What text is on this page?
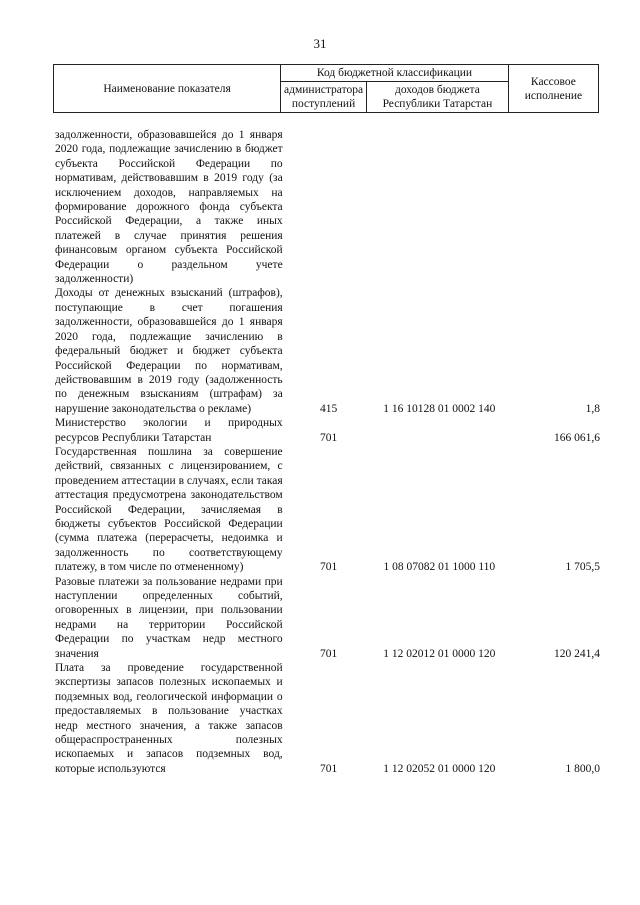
31
Наименование показателя	Код бюджетной классификации		Кассовое исполнение
	администратора поступлений	доходов бюджета Республики Татарстан	
задолженности, образовавшейся до 1 января 2020 года, подлежащие зачислению в бюджет субъекта Российской Федерации по нормативам, действовавшим в 2019 году (за исключением доходов, направляемых на формирование дорожного фонда субъекта Российской Федерации, а также иных платежей в случае принятия решения финансовым органом субъекта Российской Федерации о раздельном учете задолженности)			
Доходы от денежных взысканий (штрафов), поступающие в счет погашения задолженности, образовавшейся до 1 января 2020 года, подлежащие зачислению в федеральный бюджет и бюджет субъекта Российской Федерации по нормативам, действовавшим в 2019 году (задолженность по денежным взысканиям (штрафам) за нарушение законодательства о рекламе)	415	1 16 10128 01 0002 140	1,8
Министерство экологии и природных ресурсов Республики Татарстан	701		166 061,6
Государственная пошлина за совершение действий, связанных с лицензированием, с проведением аттестации в случаях, если такая аттестация предусмотрена законодательством Российской Федерации, зачисляемая в бюджеты субъектов Российской Федерации (сумма платежа (перерасчеты, недоимка и задолженность по соответствующему платежу, в том числе по отмененному)	701	1 08 07082 01 1000 110	1 705,5
Разовые платежи за пользование недрами при наступлении определенных событий, оговоренных в лицензии, при пользовании недрами на территории Российской Федерации по участкам недр местного значения	701	1 12 02012 01 0000 120	120 241,4
Плата за проведение государственной экспертизы запасов полезных ископаемых и подземных вод, геологической информации о предоставляемых в пользование участках недр местного значения, а также запасов общераспространенных полезных ископаемых и запасов подземных вод, которые используются	701	1 12 02052 01 0000 120	1 800,0
